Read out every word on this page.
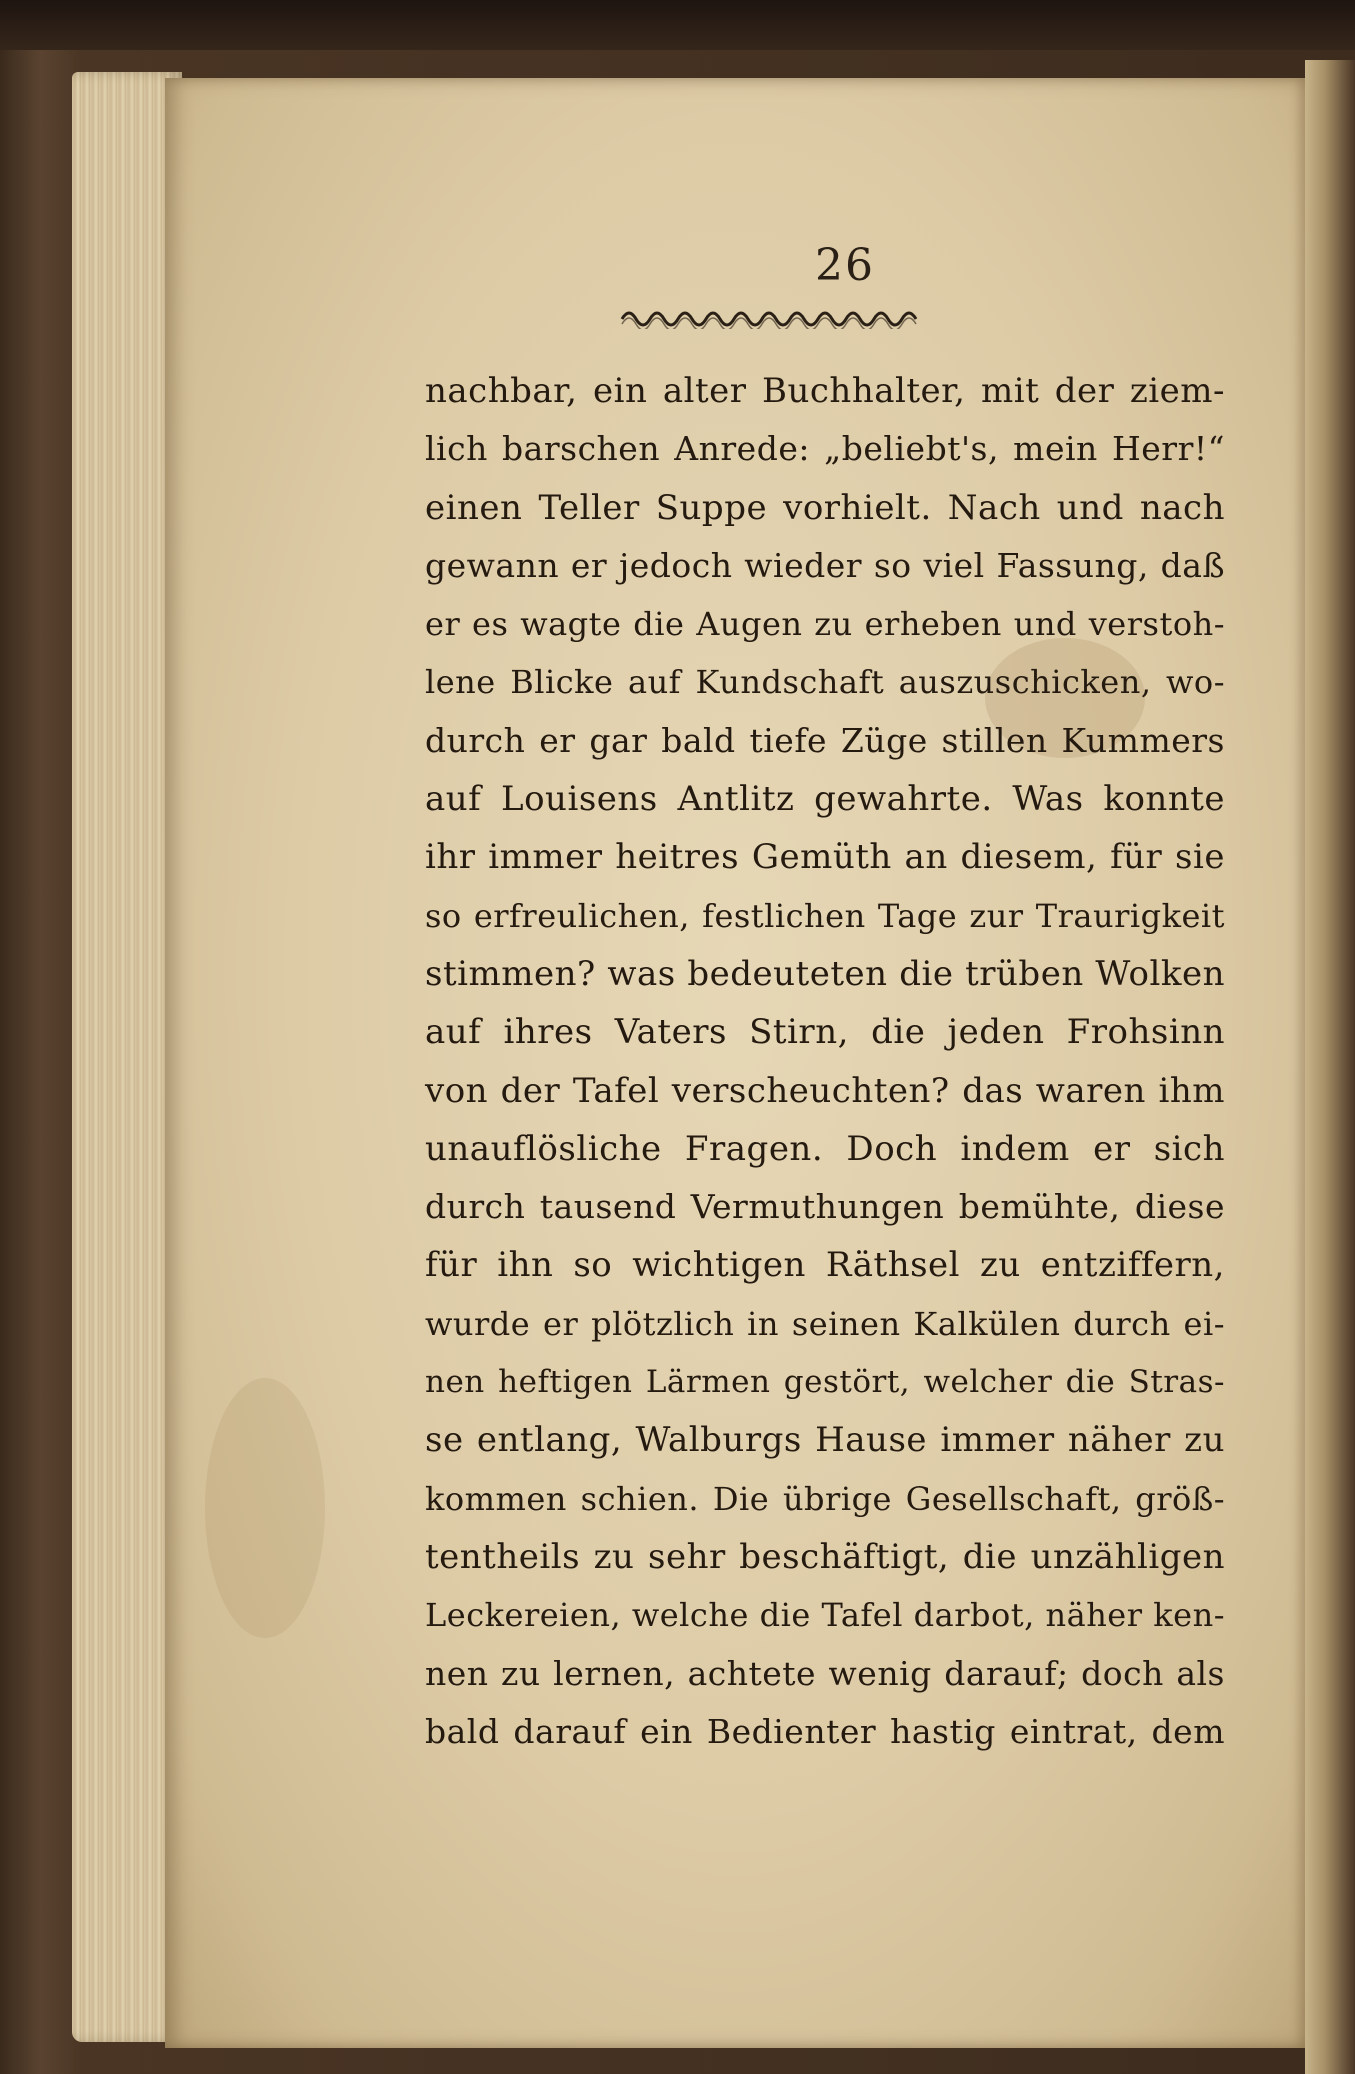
26
nachbar, ein alter Buchhalter, mit der ziem-
lich barschen Anrede: „beliebt's, mein Herr!“
einen Teller Suppe vorhielt. Nach und nach
gewann er jedoch wieder so viel Fassung, daß
er es wagte die Augen zu erheben und verstoh-
lene Blicke auf Kundschaft auszuschicken, wo-
durch er gar bald tiefe Züge stillen Kummers
auf Louisens Antlitz gewahrte. Was konnte
ihr immer heitres Gemüth an diesem, für sie
so erfreulichen, festlichen Tage zur Traurigkeit
stimmen? was bedeuteten die trüben Wolken
auf ihres Vaters Stirn, die jeden Frohsinn
von der Tafel verscheuchten? das waren ihm
unauflösliche Fragen. Doch indem er sich
durch tausend Vermuthungen bemühte, diese
für ihn so wichtigen Räthsel zu entziffern,
wurde er plötzlich in seinen Kalkülen durch ei-
nen heftigen Lärmen gestört, welcher die Stras-
se entlang, Walburgs Hause immer näher zu
kommen schien. Die übrige Gesellschaft, größ-
tentheils zu sehr beschäftigt, die unzähligen
Leckereien, welche die Tafel darbot, näher ken-
nen zu lernen, achtete wenig darauf; doch als
bald darauf ein Bedienter hastig eintrat, dem
